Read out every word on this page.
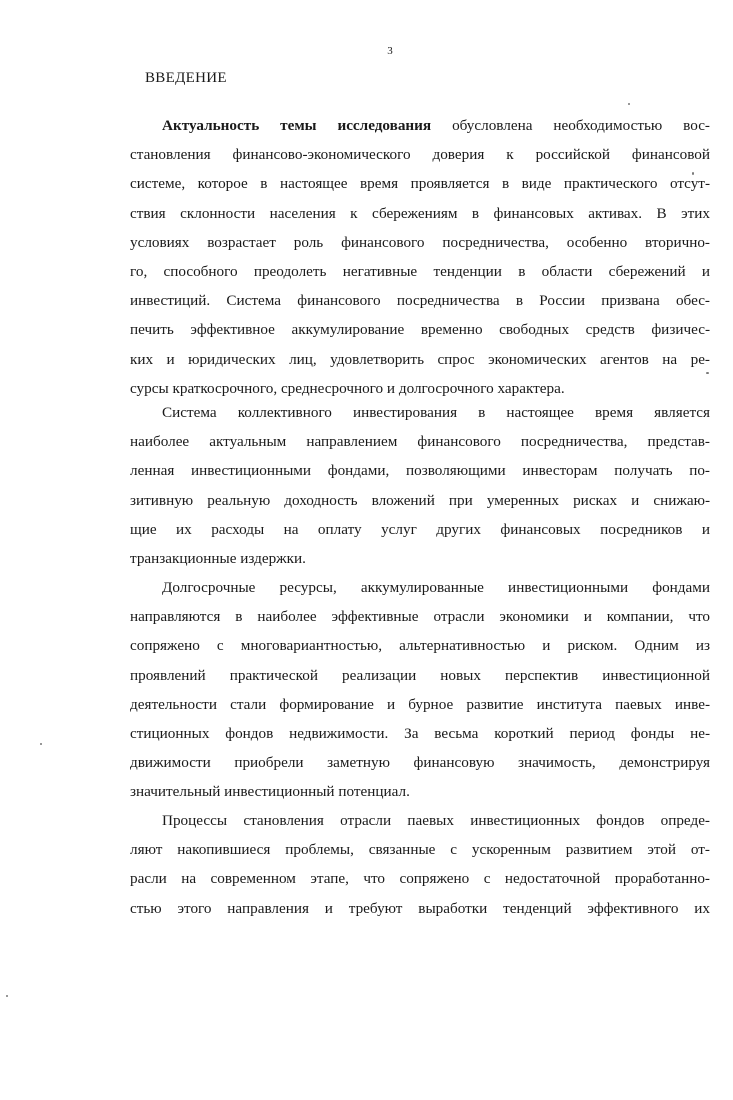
3
ВВЕДЕНИЕ
Актуальность темы исследования обусловлена необходимостью вос-
становления финансово-экономического доверия к российской финансовой
системе, которое в настоящее время проявляется в виде практического отсут-
ствия склонности населения к сбережениям в финансовых активах. В этих
условиях возрастает роль финансового посредничества, особенно вторично-
го, способного преодолеть негативные тенденции в области сбережений и
инвестиций. Система финансового посредничества в России призвана обес-
печить эффективное аккумулирование временно свободных средств физичес-
ких и юридических лиц, удовлетворить спрос экономических агентов на ре-
сурсы краткосрочного, среднесрочного и долгосрочного характера.
Система коллективного инвестирования в настоящее время является
наиболее актуальным направлением финансового посредничества, представ-
ленная инвестиционными фондами, позволяющими инвесторам получать по-
зитивную реальную доходность вложений при умеренных рисках и снижаю-
щие их расходы на оплату услуг других финансовых посредников и
транзакционные издержки.
Долгосрочные ресурсы, аккумулированные инвестиционными фондами
направляются в наиболее эффективные отрасли экономики и компании, что
сопряжено с многовариантностью, альтернативностью и риском. Одним из
проявлений практической реализации новых перспектив инвестиционной
деятельности стали формирование и бурное развитие института паевых инве-
стиционных фондов недвижимости. За весьма короткий период фонды не-
движимости приобрели заметную финансовую значимость, демонстрируя
значительный инвестиционный потенциал.
Процессы становления отрасли паевых инвестиционных фондов опреде-
ляют накопившиеся проблемы, связанные с ускоренным развитием этой от-
расли на современном этапе, что сопряжено с недостаточной проработанно-
стью этого направления и требуют выработки тенденций эффективного их
